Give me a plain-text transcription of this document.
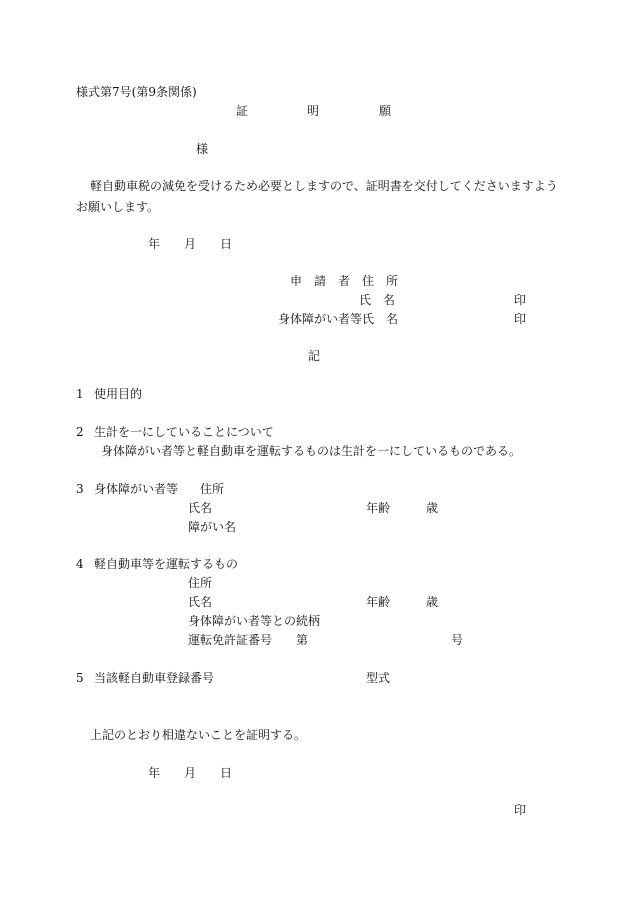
様式第7号(第9条関係)
証	明	願
様
軽自動車税の減免を受けるため必要としますので、証明書を交付してくださいますよう
お願いします。
年 月 日
申　請　者　住　所
氏　名	印
身体障がい者等氏　名	印
記
1 使用目的
2 生計を一にしていることについて
身体障がい者等と軽自動車を運転するものは生計を一にしているものである。
3 身体障がい者等 住所
氏名	年齢	歳
障がい名
4 軽自動車等を運転するもの
住所
氏名	年齢	歳
身体障がい者等との続柄
運転免許証番号 第	号
5 当該軽自動車登録番号	型式
上記のとおり相違ないことを証明する。
年 月 日
印
